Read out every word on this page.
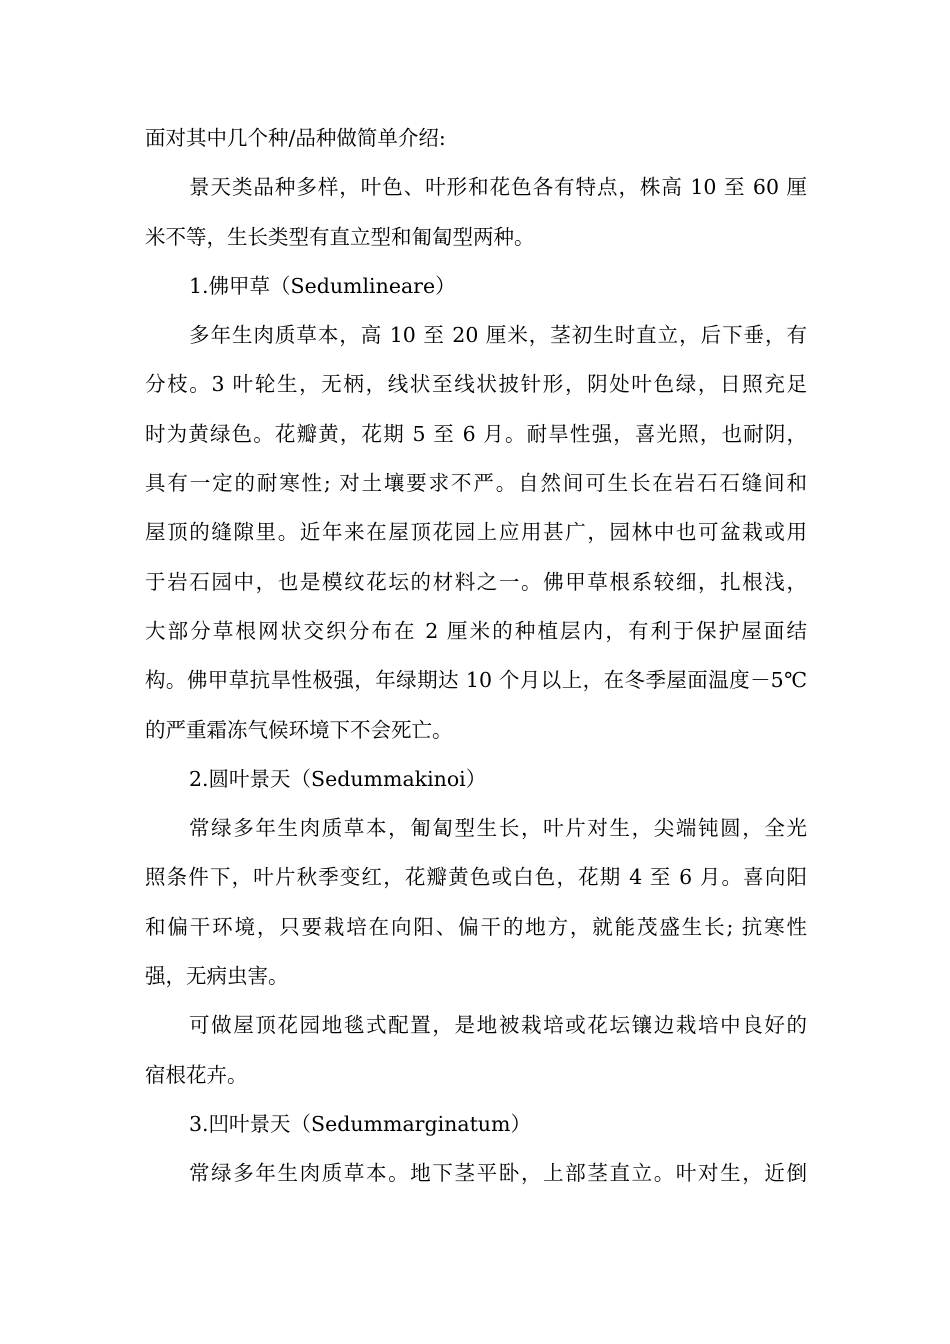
面对其中几个种/品种做简单介绍:
景天类品种多样，叶色、叶形和花色各有特点，株高 10 至 60 厘
米不等，生长类型有直立型和匍匐型两种。
1.佛甲草（Sedumlineare）
多年生肉质草本，高 10 至 20 厘米，茎初生时直立，后下垂，有
分枝。3 叶轮生，无柄，线状至线状披针形，阴处叶色绿，日照充足
时为黄绿色。花瓣黄，花期 5 至 6 月。耐旱性强，喜光照，也耐阴，
具有一定的耐寒性; 对土壤要求不严。自然间可生长在岩石石缝间和
屋顶的缝隙里。近年来在屋顶花园上应用甚广，园林中也可盆栽或用
于岩石园中，也是模纹花坛的材料之一。佛甲草根系较细，扎根浅，
大部分草根网状交织分布在 2 厘米的种植层内，有利于保护屋面结
构。佛甲草抗旱性极强，年绿期达 10 个月以上，在冬季屋面温度－5℃
的严重霜冻气候环境下不会死亡。
2.圆叶景天（Sedummakinoi）
常绿多年生肉质草本，匍匐型生长，叶片对生，尖端钝圆，全光
照条件下，叶片秋季变红，花瓣黄色或白色，花期 4 至 6 月。喜向阳
和偏干环境，只要栽培在向阳、偏干的地方，就能茂盛生长; 抗寒性
强，无病虫害。
可做屋顶花园地毯式配置，是地被栽培或花坛镶边栽培中良好的
宿根花卉。
3.凹叶景天（Sedummarginatum）
常绿多年生肉质草本。地下茎平卧，上部茎直立。叶对生，近倒
